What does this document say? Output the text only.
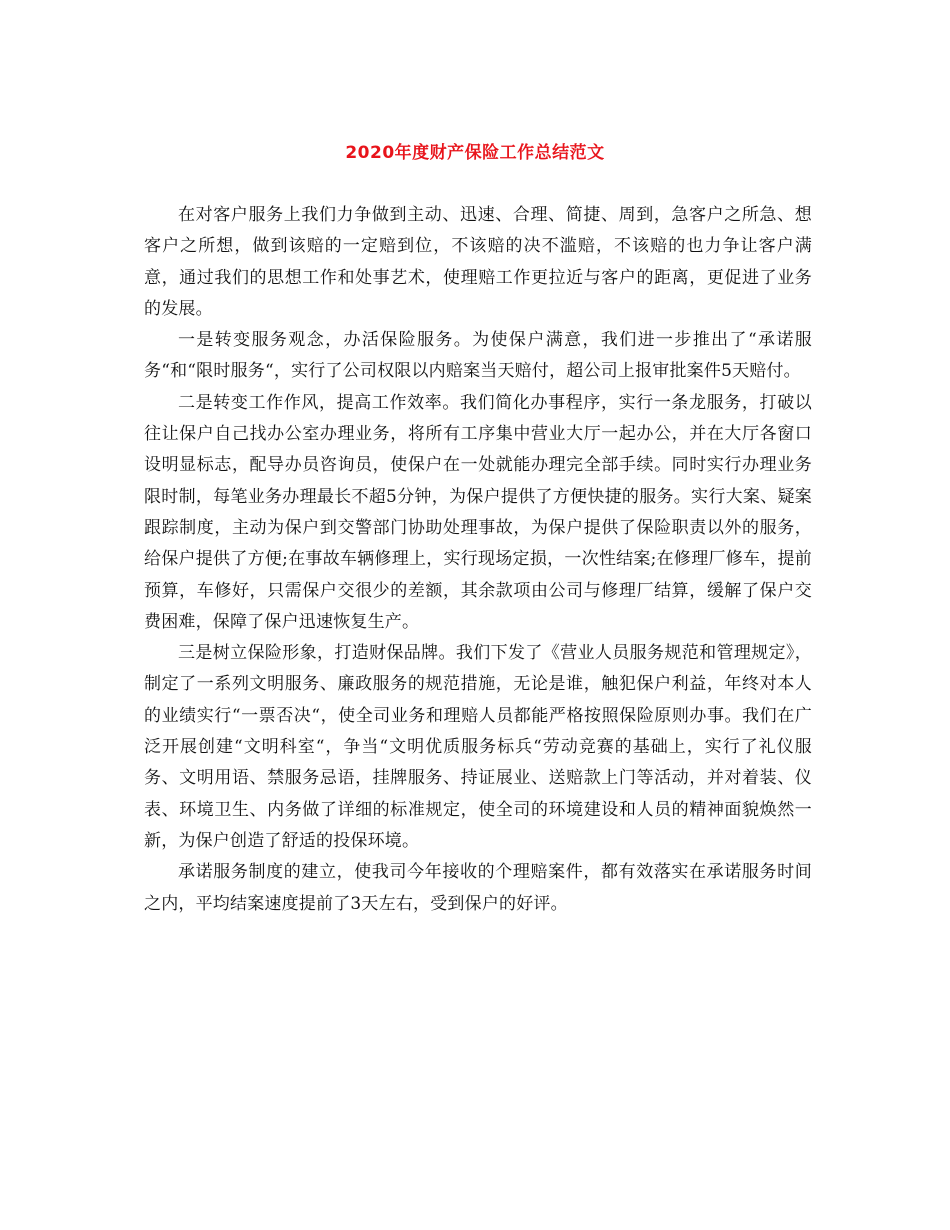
2020年度财产保险工作总结范文

在对客户服务上我们力争做到主动、迅速、合理、简捷、周到，急客户之所急、想客户之所想，做到该赔的一定赔到位，不该赔的决不滥赔，不该赔的也力争让客户满意，通过我们的思想工作和处事艺术，使理赔工作更拉近与客户的距离，更促进了业务的发展。

一是转变服务观念，办活保险服务。为使保户满意，我们进一步推出了“承诺服务“和“限时服务“，实行了公司权限以内赔案当天赔付，超公司上报审批案件5天赔付。

二是转变工作作风，提高工作效率。我们简化办事程序，实行一条龙服务，打破以往让保户自己找办公室办理业务，将所有工序集中营业大厅一起办公，并在大厅各窗口设明显标志，配导办员咨询员，使保户在一处就能办理完全部手续。同时实行办理业务限时制，每笔业务办理最长不超5分钟，为保户提供了方便快捷的服务。实行大案、疑案跟踪制度，主动为保户到交警部门协助处理事故，为保户提供了保险职责以外的服务，给保户提供了方便;在事故车辆修理上，实行现场定损，一次性结案;在修理厂修车，提前预算，车修好，只需保户交很少的差额，其余款项由公司与修理厂结算，缓解了保户交费困难，保障了保户迅速恢复生产。

三是树立保险形象，打造财保品牌。我们下发了《营业人员服务规范和管理规定》，制定了一系列文明服务、廉政服务的规范措施，无论是谁，触犯保户利益，年终对本人的业绩实行“一票否决“，使全司业务和理赔人员都能严格按照保险原则办事。我们在广泛开展创建“文明科室“，争当“文明优质服务标兵“劳动竞赛的基础上，实行了礼仪服务、文明用语、禁服务忌语，挂牌服务、持证展业、送赔款上门等活动，并对着装、仪表、环境卫生、内务做了详细的标准规定，使全司的环境建设和人员的精神面貌焕然一新，为保户创造了舒适的投保环境。

承诺服务制度的建立，使我司今年接收的个理赔案件，都有效落实在承诺服务时间之内，平均结案速度提前了3天左右，受到保户的好评。
